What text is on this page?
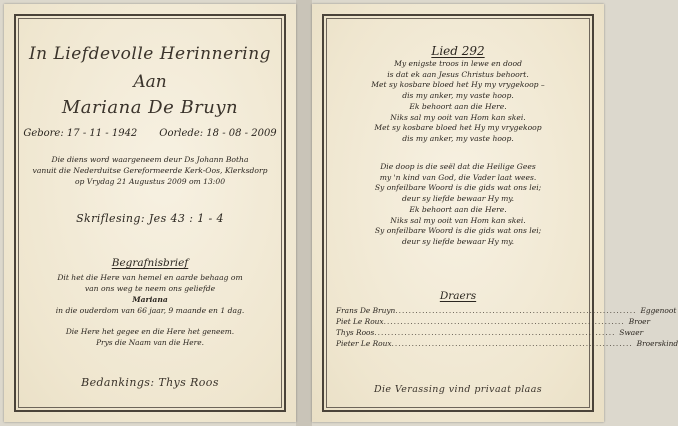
In Liefdevolle Herinnering
Aan
Mariana De Bruyn
Gebore: 17 - 11 - 1942 Oorlede: 18 - 08 - 2009
Die diens word waargeneem deur Ds Johann Botha
vanuit die Nederduitse Gereformeerde Kerk-Oos, Klerksdorp
op Vrydag 21 Augustus 2009 om 13:00
Skriflesing: Jes 43 : 1 - 4
Begrafnisbrief
Dit het die Here van hemel en aarde behaag om
van ons weg te neem ons geliefde
Mariana
in die ouderdom van 66 jaar, 9 maande en 1 dag.
Die Here het gegee en die Here het geneem.
Prys die Naam van die Here.
Bedankings: Thys Roos
Lied 292
My enigste troos in lewe en dood
is dat ek aan Jesus Christus behoort.
Met sy kosbare bloed het Hy my vrygekoop –
dis my anker, my vaste hoop.
Ek behoort aan die Here.
Niks sal my ooit van Hom kan skei.
Met sy kosbare bloed het Hy my vrygekoop
dis my anker, my vaste hoop.
Die doop is die seël dat die Heilige Gees
my 'n kind van God, die Vader laat wees.
Sy onfeilbare Woord is die gids wat ons lei;
deur sy liefde bewaar Hy my.
Ek behoort aan die Here.
Niks sal my ooit van Hom kan skei.
Sy onfeilbare Woord is die gids wat ons lei;
deur sy liefde bewaar Hy my.
Draers
Frans De Bruyn ........................................................................ Eggenoot
Piet Le Roux ........................................................................ Broer
Thys Roos ........................................................................ Swaer
Pieter Le Roux ........................................................................ Broerskind
Die Verassing vind privaat plaas
